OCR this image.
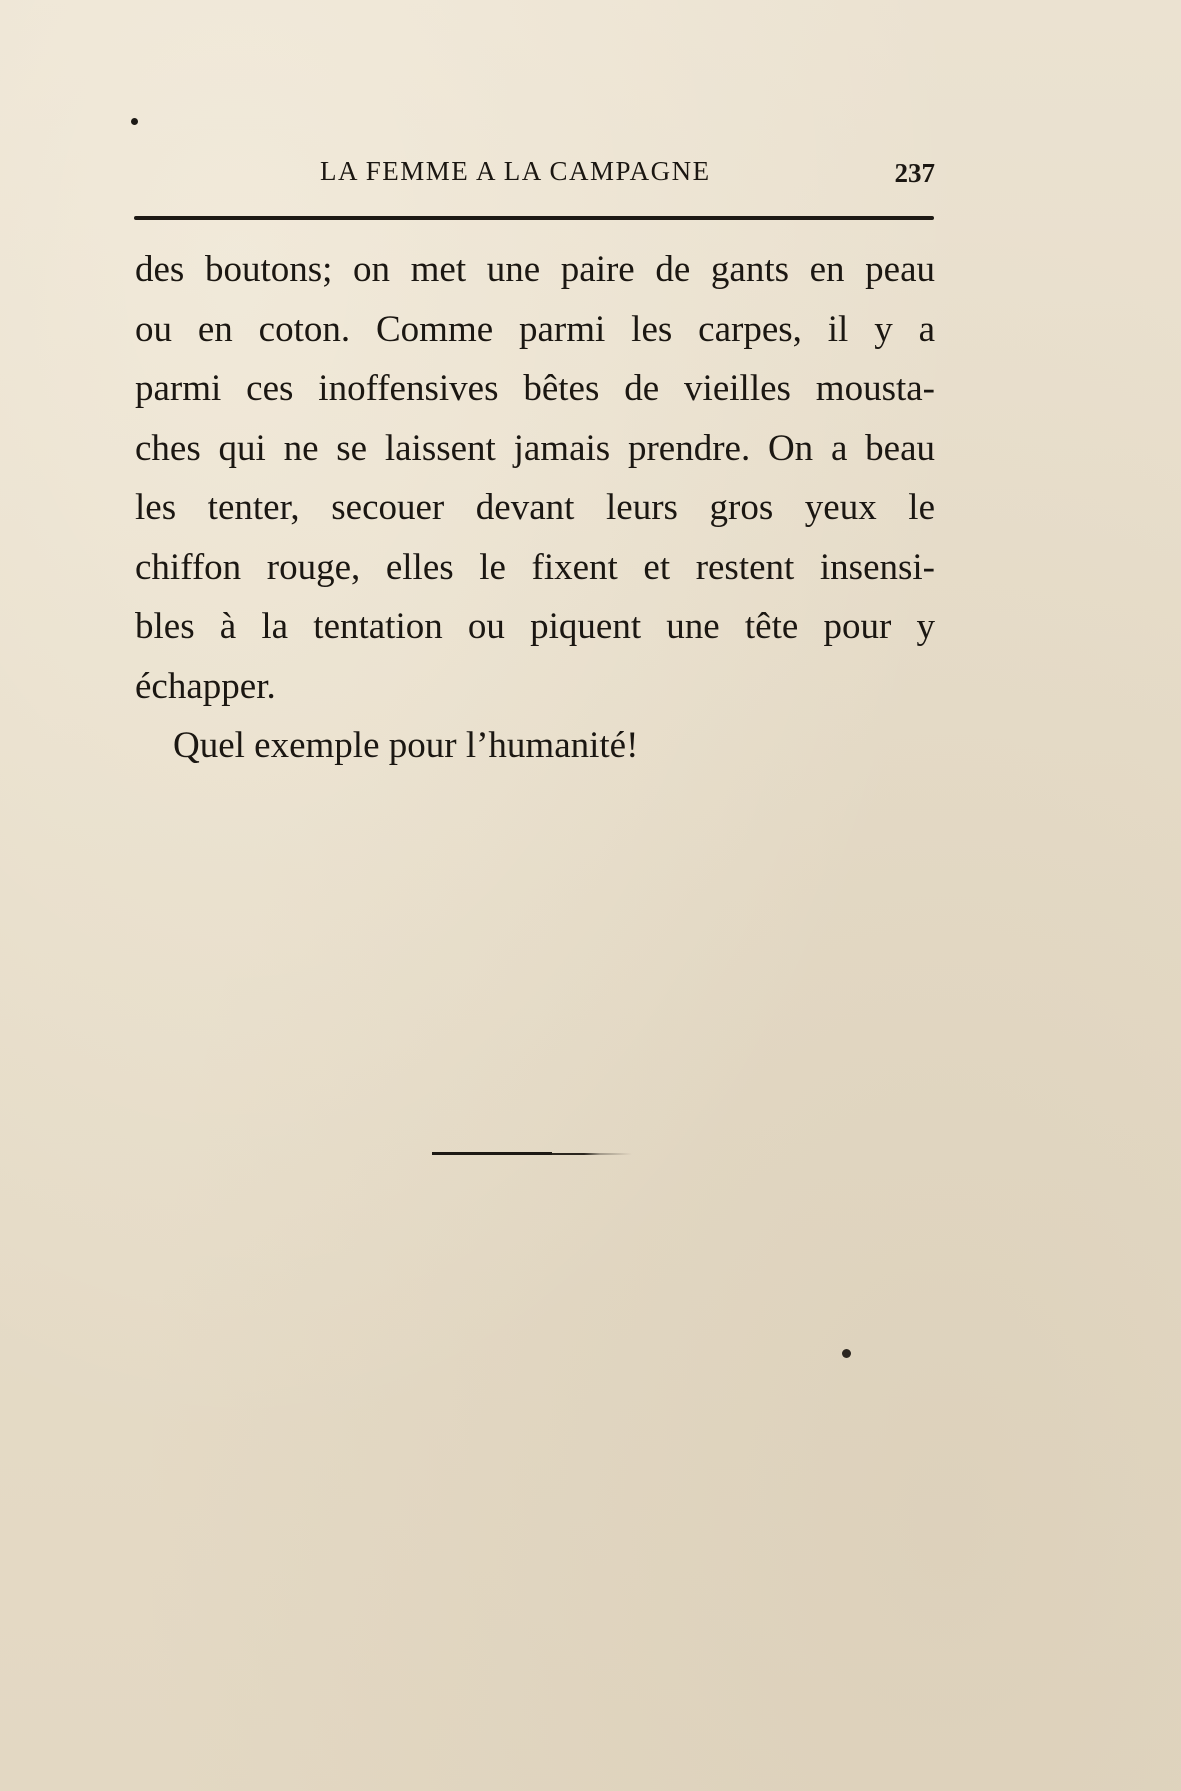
LA FEMME A LA CAMPAGNE	237
des boutons; on met une paire de gants en peau
ou en coton. Comme parmi les carpes, il y a
parmi ces inoffensives bêtes de vieilles mousta-
ches qui ne se laissent jamais prendre. On a beau
les tenter, secouer devant leurs gros yeux le
chiffon rouge, elles le fixent et restent insensi-
bles à la tentation ou piquent une tête pour y
échapper.
Quel exemple pour l’humanité!
